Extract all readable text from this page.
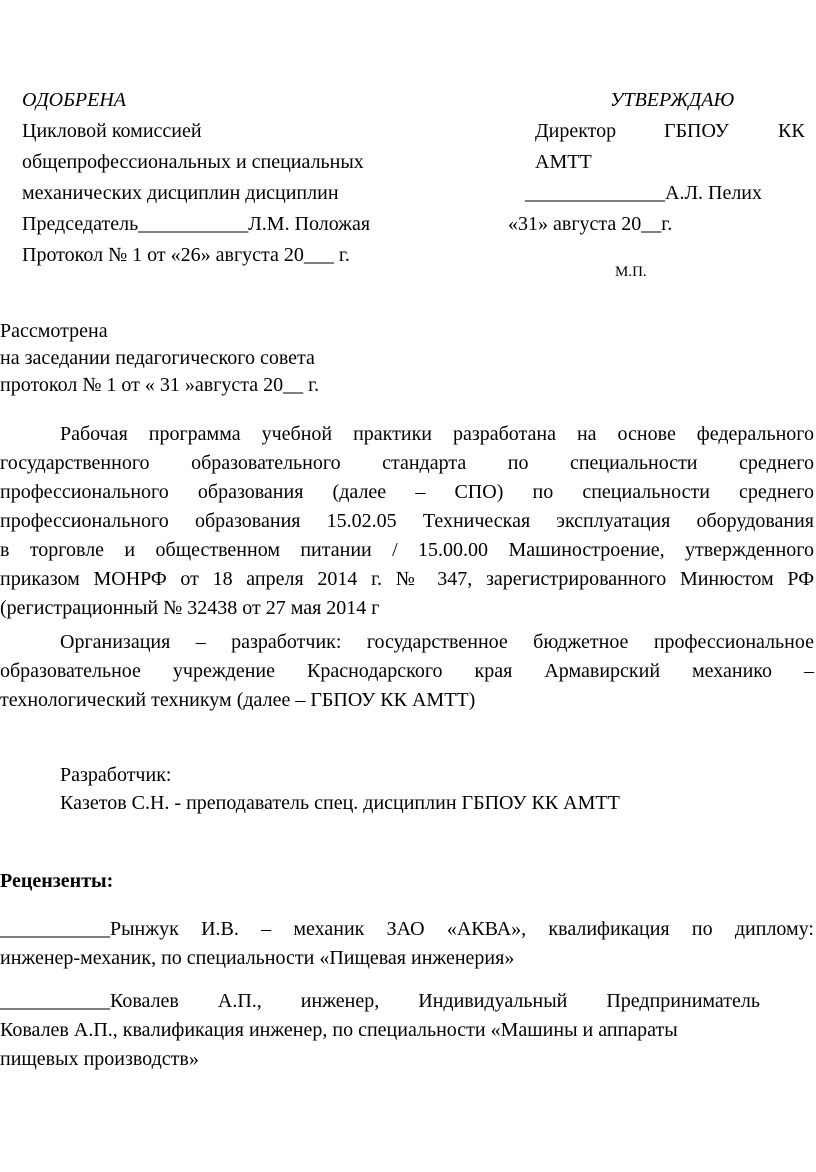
ОДОБРЕНА
Цикловой комиссией
общепрофессиональных и специальных
механических дисциплин дисциплин
Председатель___________Л.М. Положая
Протокол № 1 от «26» августа 20___ г.
УТВЕРЖДАЮ
Директор ГБПОУ КК
АМТТ
______________А.Л. Пелих
«31» августа 20__г.
М.П.
Рассмотрена
на заседании педагогического совета
протокол № 1 от « 31 »августа 20__ г.
Рабочая программа учебной практики разработана на основе федерального
государственного образовательного стандарта по специальности среднего
профессионального образования (далее – СПО) по специальности среднего
профессионального образования 15.02.05 Техническая эксплуатация оборудования
в торговле и общественном питании / 15.00.00 Машиностроение, утвержденного
приказом МОНРФ от 18 апреля 2014 г. № 347, зарегистрированного Минюстом РФ
(регистрационный № 32438 от 27 мая 2014 г
Организация – разработчик: государственное бюджетное профессиональное
образовательное учреждение Краснодарского края Армавирский механико –
технологический техникум (далее – ГБПОУ КК АМТТ)
Разработчик:
Казетов С.Н. - преподаватель спец. дисциплин ГБПОУ КК АМТТ
Рецензенты:
___________Рынжук И.В. – механик ЗАО «АКВА», квалификация по диплому:
инженер-механик, по специальности «Пищевая инженерия»
___________Ковалев А.П., инженер, Индивидуальный Предприниматель
Ковалев А.П., квалификация инженер, по специальности «Машины и аппараты
пищевых производств»
